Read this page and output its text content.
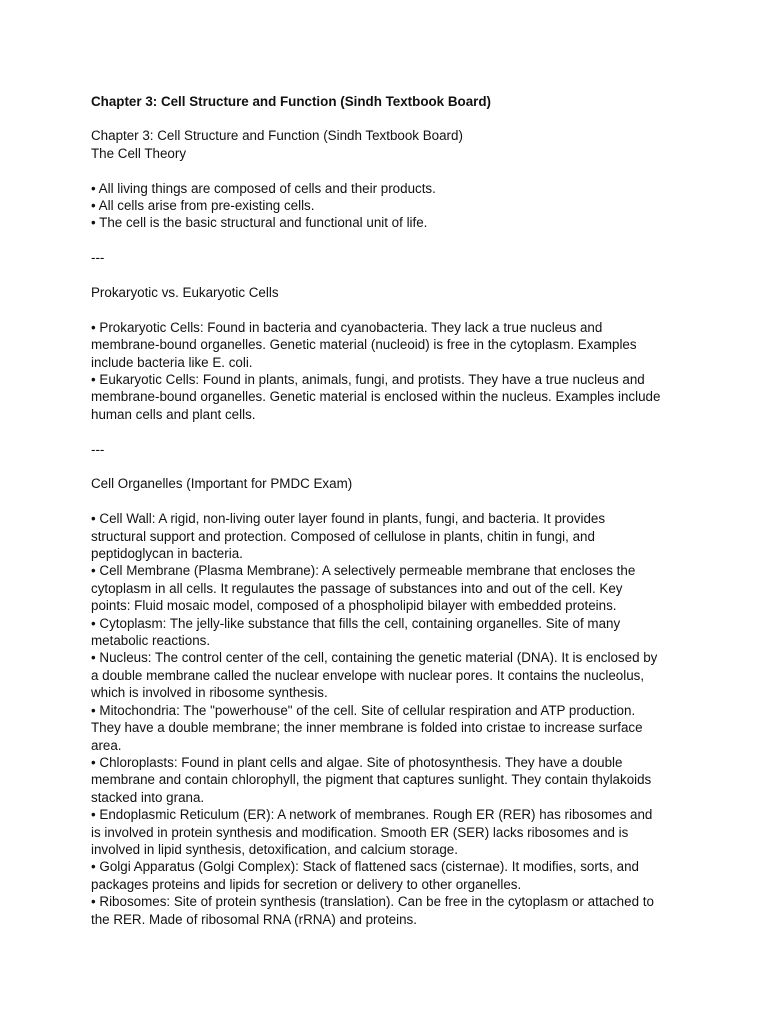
Chapter 3: Cell Structure and Function (Sindh Textbook Board)

Chapter 3: Cell Structure and Function (Sindh Textbook Board)

The Cell Theory

• All living things are composed of cells and their products.

• All cells arise from pre-existing cells.

• The cell is the basic structural and functional unit of life.

---

Prokaryotic vs. Eukaryotic Cells

• Prokaryotic Cells: Found in bacteria and cyanobacteria. They lack a true nucleus and

membrane-bound organelles. Genetic material (nucleoid) is free in the cytoplasm. Examples

include bacteria like E. coli.

• Eukaryotic Cells: Found in plants, animals, fungi, and protists. They have a true nucleus and

membrane-bound organelles. Genetic material is enclosed within the nucleus. Examples include

human cells and plant cells.

---

Cell Organelles (Important for PMDC Exam)

• Cell Wall: A rigid, non-living outer layer found in plants, fungi, and bacteria. It provides

structural support and protection. Composed of cellulose in plants, chitin in fungi, and

peptidoglycan in bacteria.

• Cell Membrane (Plasma Membrane): A selectively permeable membrane that encloses the

cytoplasm in all cells. It regulautes the passage of substances into and out of the cell. Key

points: Fluid mosaic model, composed of a phospholipid bilayer with embedded proteins.

• Cytoplasm: The jelly-like substance that fills the cell, containing organelles. Site of many

metabolic reactions.

• Nucleus: The control center of the cell, containing the genetic material (DNA). It is enclosed by

a double membrane called the nuclear envelope with nuclear pores. It contains the nucleolus,

which is involved in ribosome synthesis.

• Mitochondria: The "powerhouse" of the cell. Site of cellular respiration and ATP production.

They have a double membrane; the inner membrane is folded into cristae to increase surface

area.

• Chloroplasts: Found in plant cells and algae. Site of photosynthesis. They have a double

membrane and contain chlorophyll, the pigment that captures sunlight. They contain thylakoids

stacked into grana.

• Endoplasmic Reticulum (ER): A network of membranes. Rough ER (RER) has ribosomes and

is involved in protein synthesis and modification. Smooth ER (SER) lacks ribosomes and is

involved in lipid synthesis, detoxification, and calcium storage.

• Golgi Apparatus (Golgi Complex): Stack of flattened sacs (cisternae). It modifies, sorts, and

packages proteins and lipids for secretion or delivery to other organelles.

• Ribosomes: Site of protein synthesis (translation). Can be free in the cytoplasm or attached to

the RER. Made of ribosomal RNA (rRNA) and proteins.
